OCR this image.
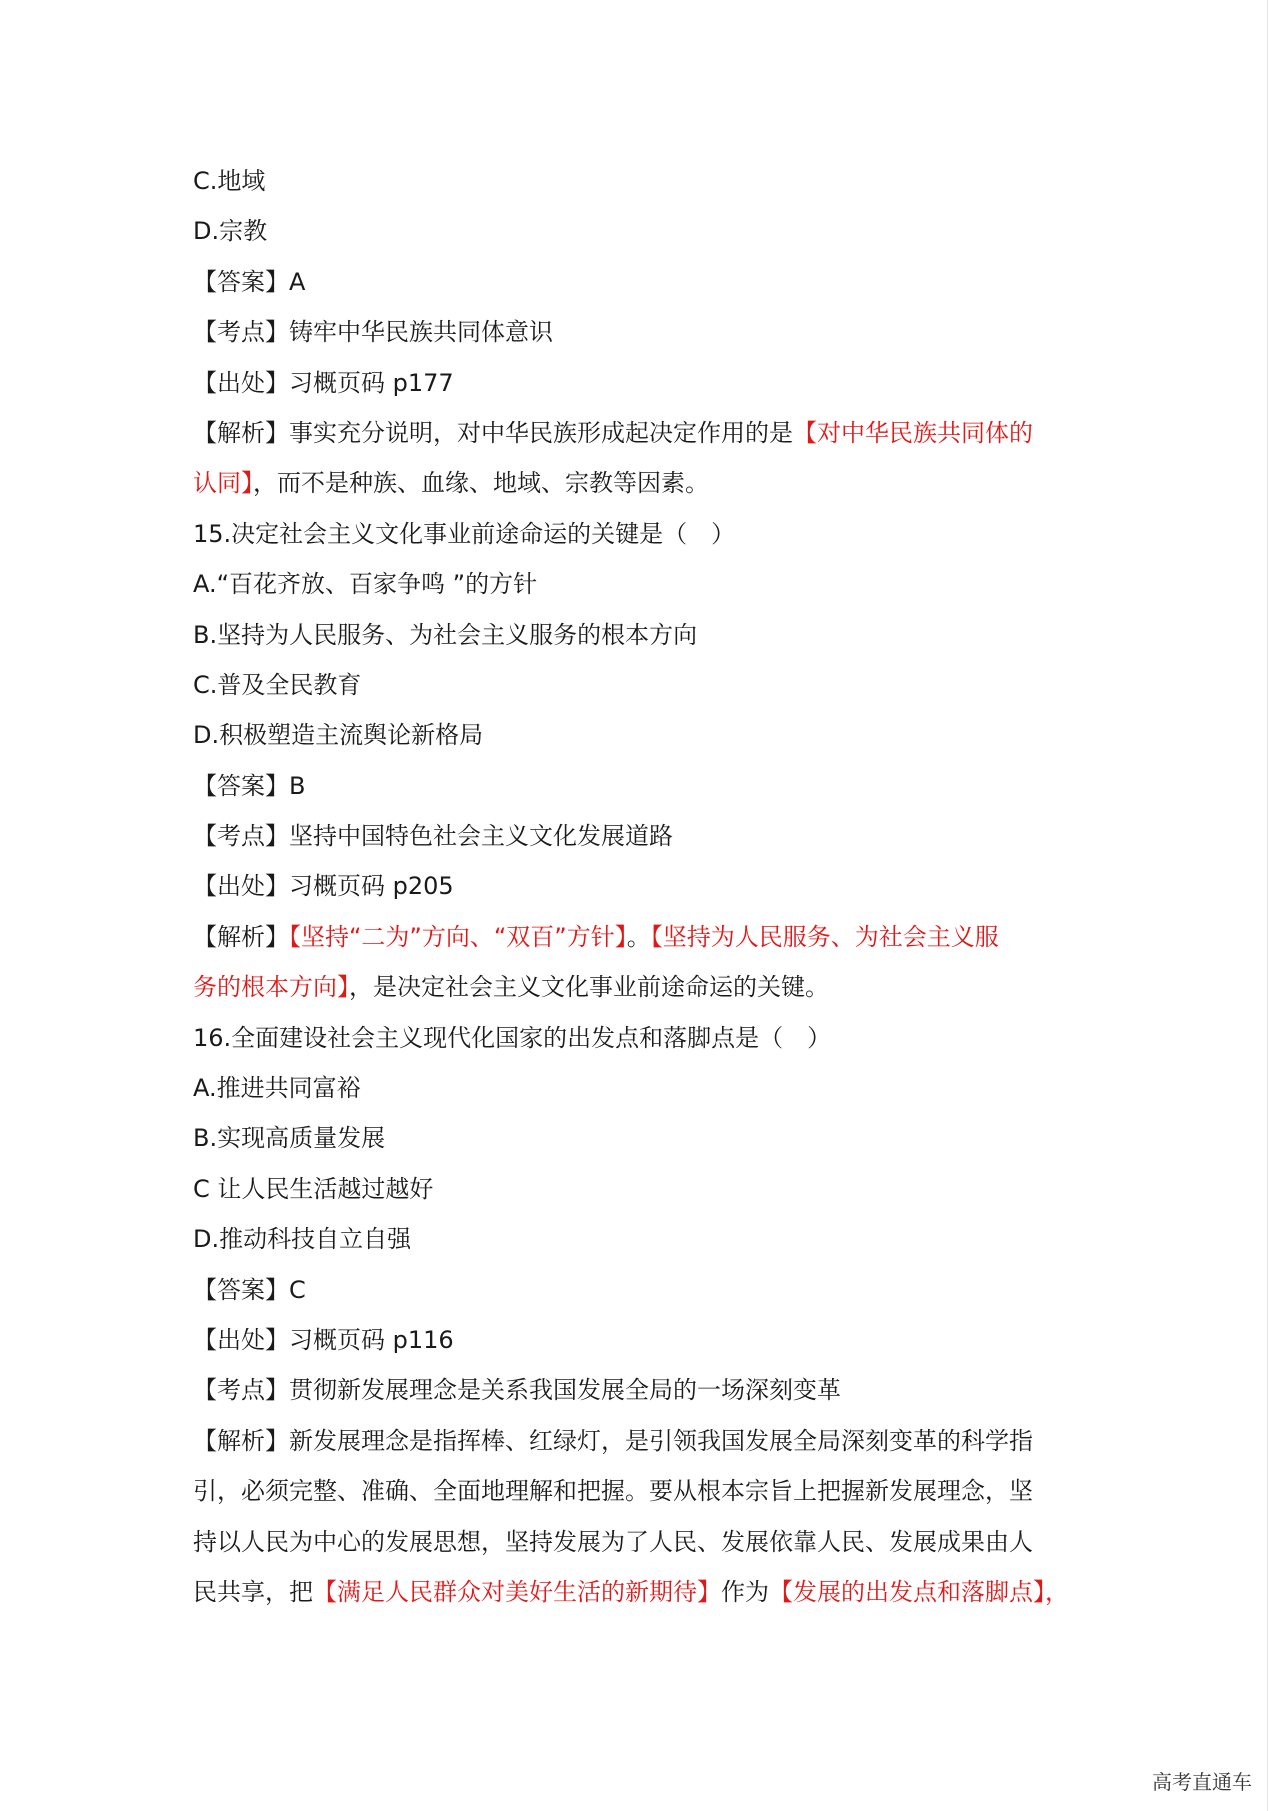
C.地域
D.宗教
【答案】A
【考点】铸牢中华民族共同体意识
【出处】习概页码 p177
【解析】事实充分说明，对中华民族形成起决定作用的是【对中华民族共同体的
认同】，而不是种族、血缘、地域、宗教等因素。
15.决定社会主义文化事业前途命运的关键是（　）
A.“百花齐放、百家争鸣 ”的方针
B.坚持为人民服务、为社会主义服务的根本方向
C.普及全民教育
D.积极塑造主流舆论新格局
【答案】B
【考点】坚持中国特色社会主义文化发展道路
【出处】习概页码 p205
【解析】【坚持“二为”方向、“双百”方针】。【坚持为人民服务、为社会主义服
务的根本方向】，是决定社会主义文化事业前途命运的关键。
16.全面建设社会主义现代化国家的出发点和落脚点是（　）
A.推进共同富裕
B.实现高质量发展
C 让人民生活越过越好
D.推动科技自立自强
【答案】C
【出处】习概页码 p116
【考点】贯彻新发展理念是关系我国发展全局的一场深刻变革
【解析】新发展理念是指挥棒、红绿灯，是引领我国发展全局深刻变革的科学指
引，必须完整、准确、全面地理解和把握。要从根本宗旨上把握新发展理念，坚
持以人民为中心的发展思想，坚持发展为了人民、发展依靠人民、发展成果由人
民共享，把【满足人民群众对美好生活的新期待】作为【发展的出发点和落脚点】，
高考直通车
